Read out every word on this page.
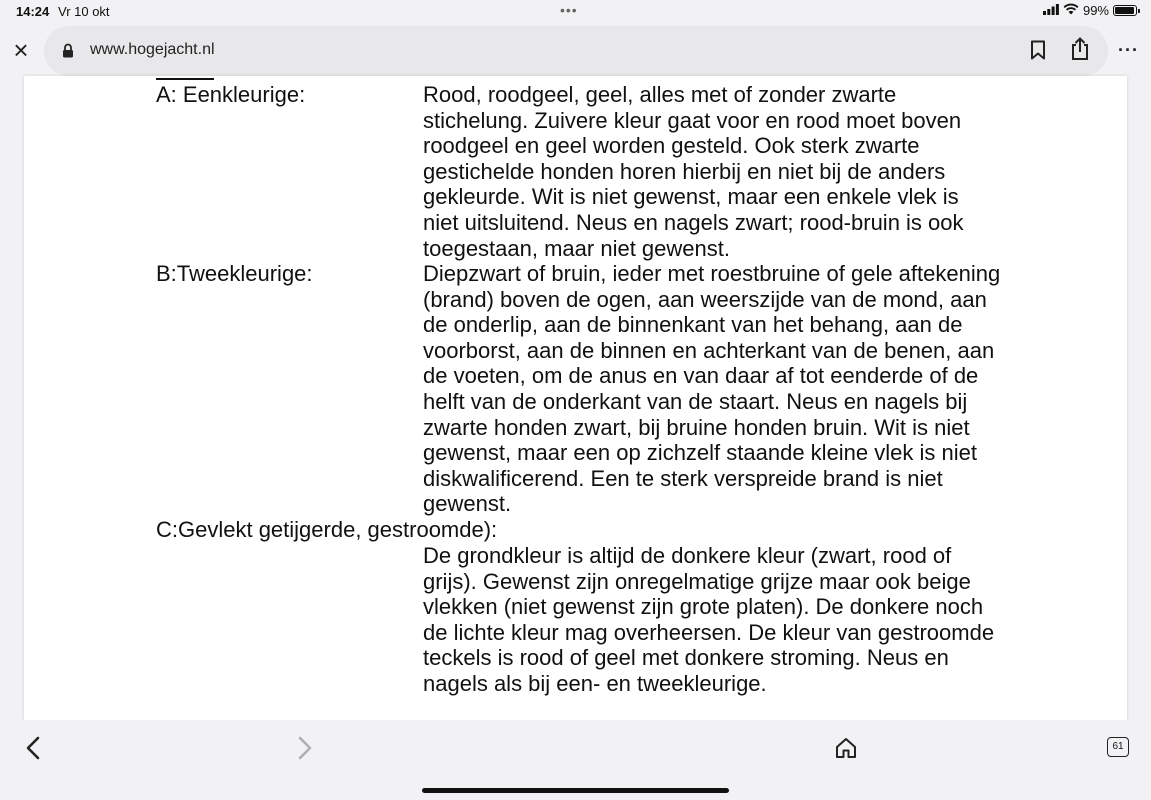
14:24 Vr 10 okt	•••	99%
×	www.hogejacht.nl	···
A: Eenkleurige:	Rood, roodgeel, geel, alles met of zonder zwarte
stichelung. Zuivere kleur gaat voor en rood moet boven
roodgeel en geel worden gesteld. Ook sterk zwarte
gestichelde honden horen hierbij en niet bij de anders
gekleurde. Wit is niet gewenst, maar een enkele vlek is
niet uitsluitend. Neus en nagels zwart; rood-bruin is ook
toegestaan, maar niet gewenst.
B:Tweekleurige:	Diepzwart of bruin, ieder met roestbruine of gele aftekening
(brand) boven de ogen, aan weerszijde van de mond, aan
de onderlip, aan de binnenkant van het behang, aan de
voorborst, aan de binnen en achterkant van de benen, aan
de voeten, om de anus en van daar af tot eenderde of de
helft van de onderkant van de staart. Neus en nagels bij
zwarte honden zwart, bij bruine honden bruin. Wit is niet
gewenst, maar een op zichzelf staande kleine vlek is niet
diskwalificerend. Een te sterk verspreide brand is niet
gewenst.
C:Gevlekt getijgerde, gestroomde):
De grondkleur is altijd de donkere kleur (zwart, rood of
grijs). Gewenst zijn onregelmatige grijze maar ook beige
vlekken (niet gewenst zijn grote platen). De donkere noch
de lichte kleur mag overheersen. De kleur van gestroomde
teckels is rood of geel met donkere stroming. Neus en
nagels als bij een- en tweekleurige.
61
